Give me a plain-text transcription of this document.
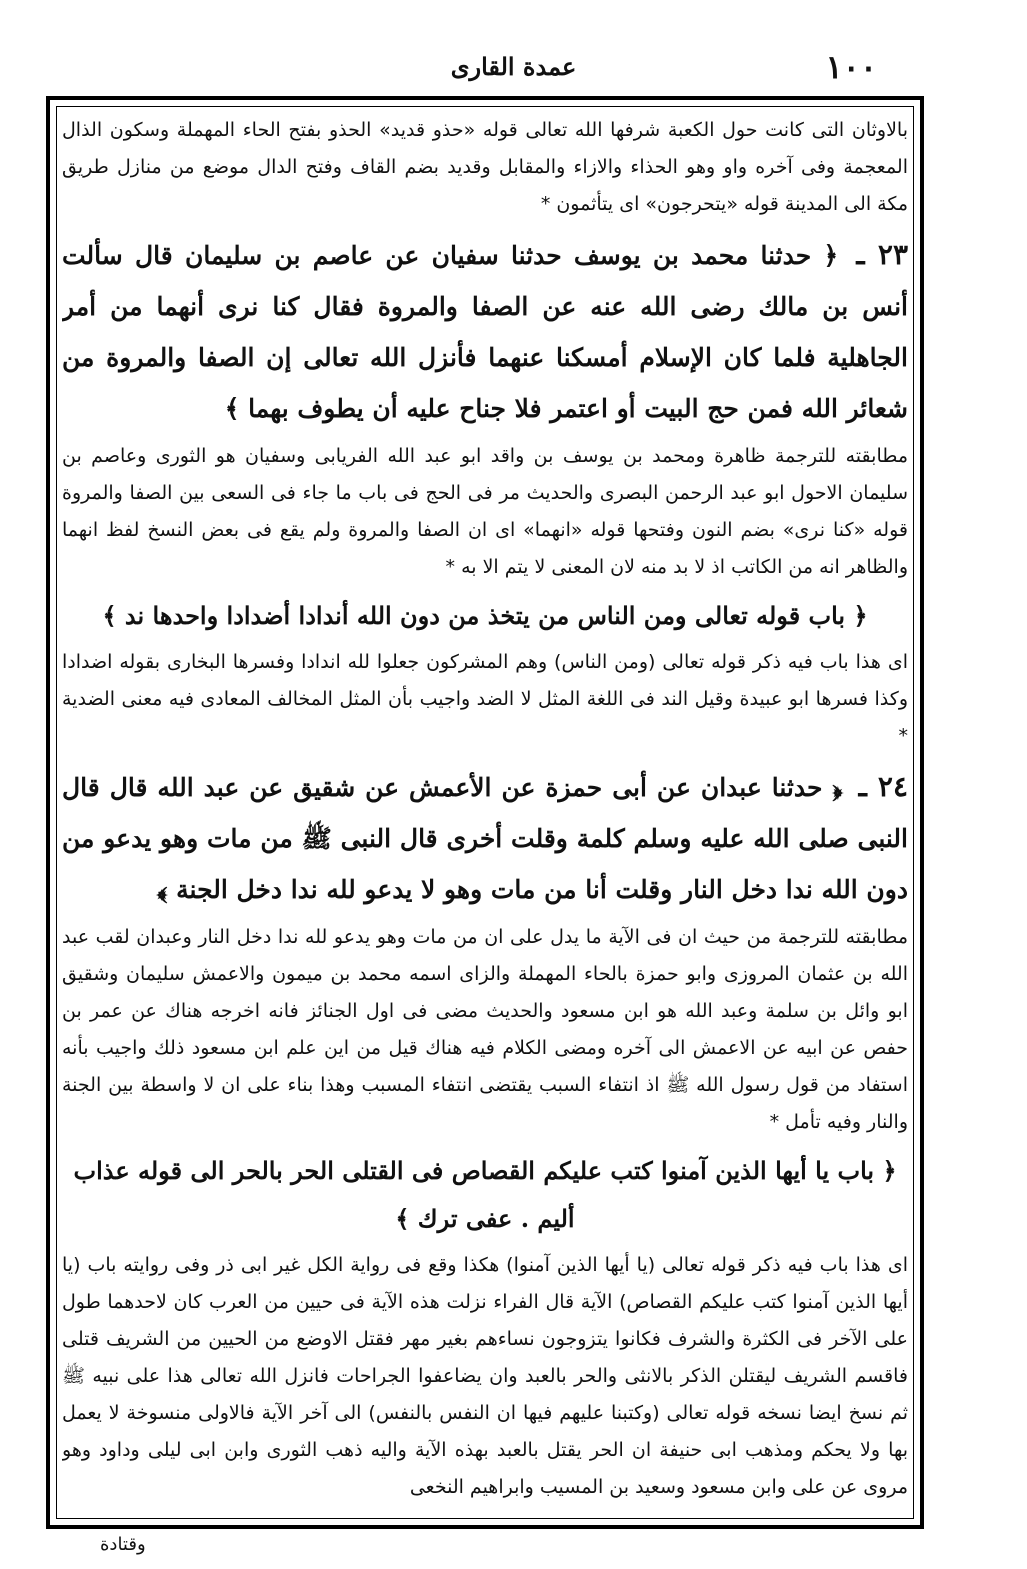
١٠٠
عمدة القارى

بالاوثان التى كانت حول الكعبة شرفها الله تعالى قوله «حذو قديد» الحذو بفتح الحاء المهملة وسكون الذال المعجمة وفى آخره واو وهو الحذاء والازاء والمقابل وقديد بضم القاف وفتح الدال موضع من منازل طريق مكة الى المدينة قوله «يتحرجون» اى يتأثمون *

٢٣ ـ ﴿ حدثنا محمد بن يوسف حدثنا سفيان عن عاصم بن سليمان قال سألت أنس بن مالك رضى الله عنه عن الصفا والمروة فقال كنا نرى أنهما من أمر الجاهلية فلما كان الإسلام أمسكنا عنهما فأنزل الله تعالى إن الصفا والمروة من شعائر الله فمن حج البيت أو اعتمر فلا جناح عليه أن يطوف بهما ﴾

مطابقته للترجمة ظاهرة ومحمد بن يوسف بن واقد ابو عبد الله الفريابى وسفيان هو الثورى وعاصم بن سليمان الاحول ابو عبد الرحمن البصرى والحديث مر فى الحج فى باب ما جاء فى السعى بين الصفا والمروة قوله «كنا نرى» بضم النون وفتحها قوله «انهما» اى ان الصفا والمروة ولم يقع فى بعض النسخ لفظ انهما والظاهر انه من الكاتب اذ لا بد منه لان المعنى لا يتم الا به *

﴿ باب قوله تعالى ومن الناس من يتخذ من دون الله أندادا أضدادا واحدها ند ﴾

اى هذا باب فيه ذكر قوله تعالى (ومن الناس) وهم المشركون جعلوا لله اندادا وفسرها البخارى بقوله اضدادا وكذا فسرها ابو عبيدة وقيل الند فى اللغة المثل لا الضد واجيب بأن المثل المخالف المعادى فيه معنى الضدية *

٢٤ ـ ﴿ حدثنا عبدان عن أبى حمزة عن الأعمش عن شقيق عن عبد الله قال قال النبى صلى الله عليه وسلم كلمة وقلت أخرى قال النبى ﷺ من مات وهو يدعو من دون الله ندا دخل النار وقلت أنا من مات وهو لا يدعو لله ندا دخل الجنة ﴾

مطابقته للترجمة من حيث ان فى الآية ما يدل على ان من مات وهو يدعو لله ندا دخل النار وعبدان لقب عبد الله بن عثمان المروزى وابو حمزة بالحاء المهملة والزاى اسمه محمد بن ميمون والاعمش سليمان وشقيق ابو وائل بن سلمة وعبد الله هو ابن مسعود والحديث مضى فى اول الجنائز فانه اخرجه هناك عن عمر بن حفص عن ابيه عن الاعمش الى آخره ومضى الكلام فيه هناك قيل من اين علم ابن مسعود ذلك واجيب بأنه استفاد من قول رسول الله ﷺ اذ انتفاء السبب يقتضى انتفاء المسبب وهذا بناء على ان لا واسطة بين الجنة والنار وفيه تأمل *

﴿ باب يا أيها الذين آمنوا كتب عليكم القصاص فى القتلى الحر بالحر الى قوله عذاب أليم . عفى ترك ﴾

اى هذا باب فيه ذكر قوله تعالى (يا أيها الذين آمنوا) هكذا وقع فى رواية الكل غير ابى ذر وفى روايته باب (يا أيها الذين آمنوا كتب عليكم القصاص) الآية قال الفراء نزلت هذه الآية فى حيين من العرب كان لاحدهما طول على الآخر فى الكثرة والشرف فكانوا يتزوجون نساءهم بغير مهر فقتل الاوضع من الحيين من الشريف قتلى فاقسم الشريف ليقتلن الذكر بالانثى والحر بالعبد وان يضاعفوا الجراحات فانزل الله تعالى هذا على نبيه ﷺ ثم نسخ ايضا نسخه قوله تعالى (وكتبنا عليهم فيها ان النفس بالنفس) الى آخر الآية فالاولى منسوخة لا يعمل بها ولا يحكم ومذهب ابى حنيفة ان الحر يقتل بالعبد بهذه الآية واليه ذهب الثورى وابن ابى ليلى وداود وهو مروى عن على وابن مسعود وسعيد بن المسيب وابراهيم النخعى

وقتادة
